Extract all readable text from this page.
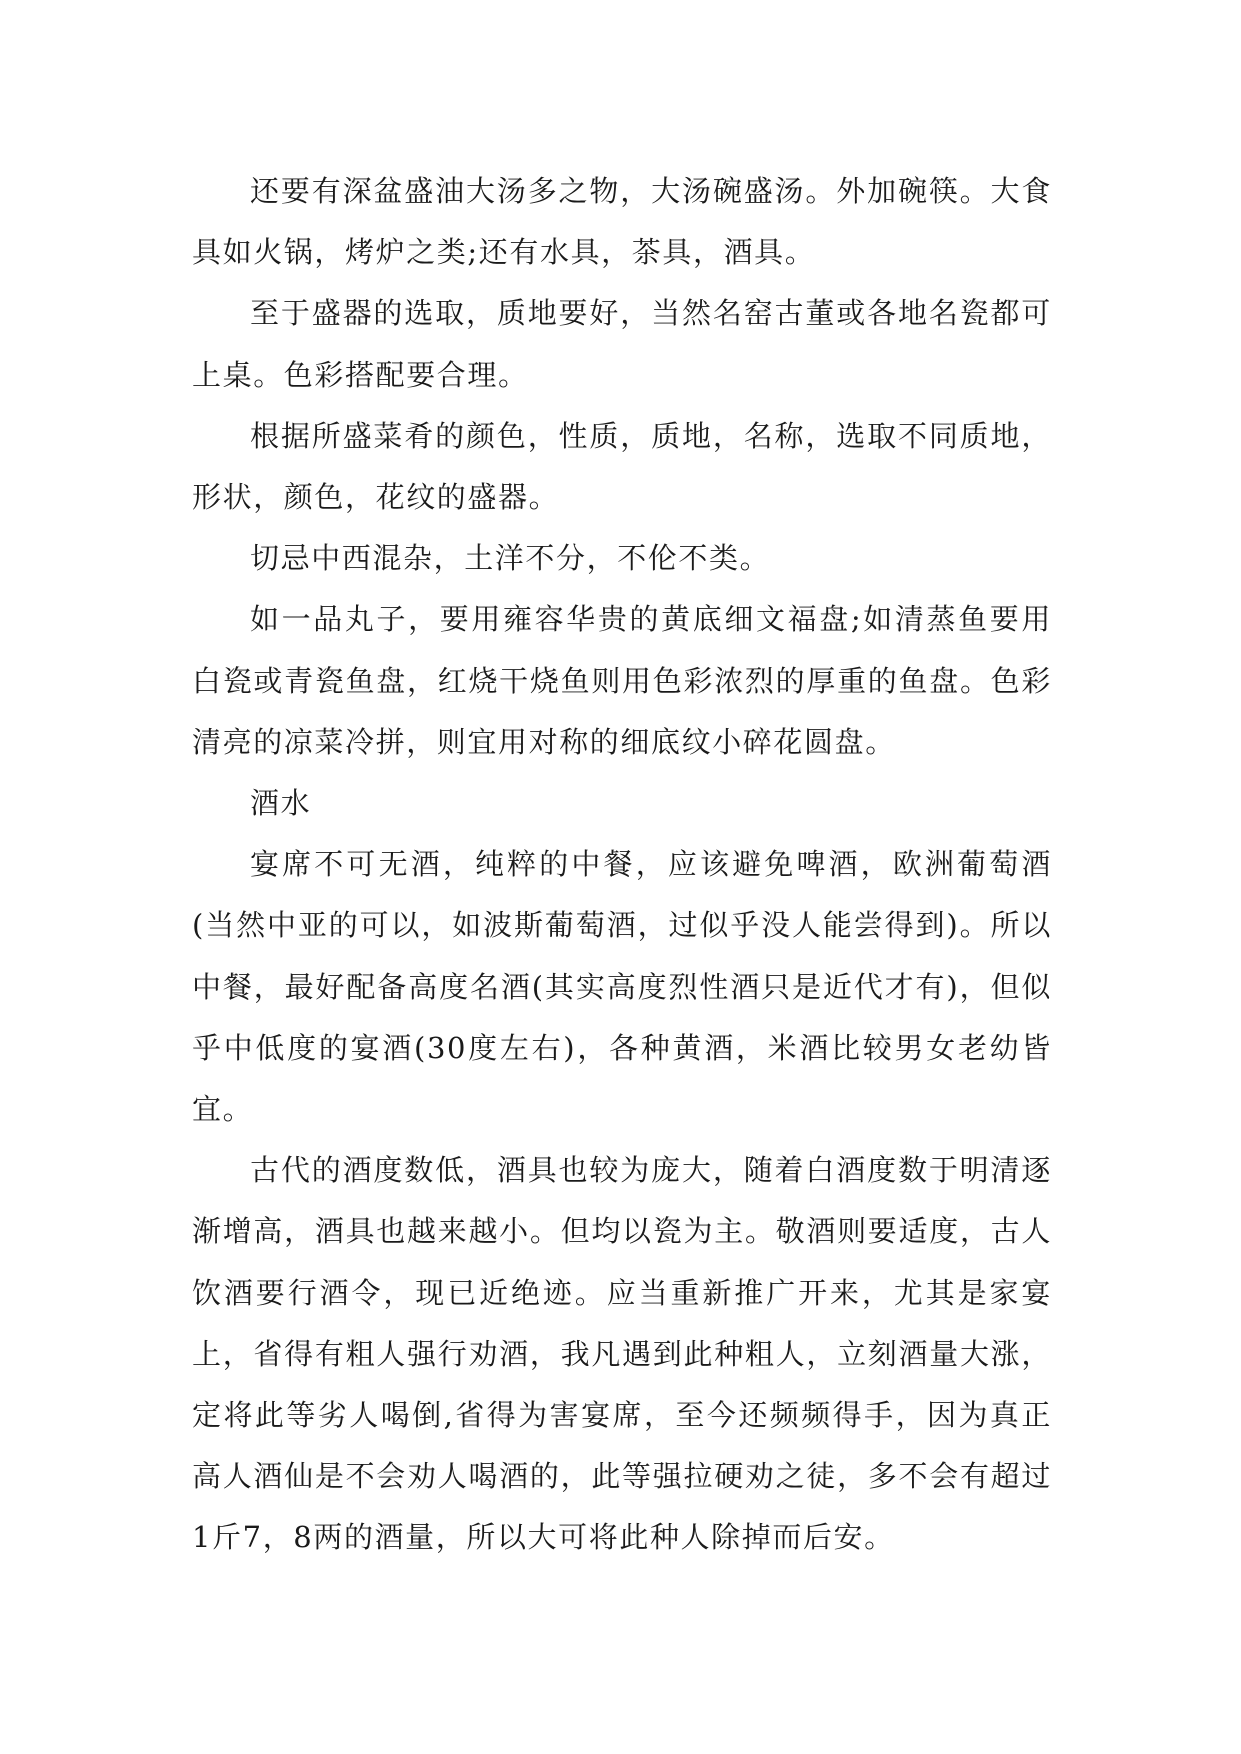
还要有深盆盛油大汤多之物，大汤碗盛汤。外加碗筷。大食具如火锅，烤炉之类;还有水具，茶具，酒具。

至于盛器的选取，质地要好，当然名窑古董或各地名瓷都可上桌。色彩搭配要合理。

根据所盛菜肴的颜色，性质，质地，名称，选取不同质地，形状，颜色，花纹的盛器。

切忌中西混杂，土洋不分，不伦不类。

如一品丸子，要用雍容华贵的黄底细文福盘;如清蒸鱼要用白瓷或青瓷鱼盘，红烧干烧鱼则用色彩浓烈的厚重的鱼盘。色彩清亮的凉菜冷拼，则宜用对称的细底纹小碎花圆盘。

酒水

宴席不可无酒，纯粹的中餐，应该避免啤酒，欧洲葡萄酒(当然中亚的可以，如波斯葡萄酒，过似乎没人能尝得到)。所以中餐，最好配备高度名酒(其实高度烈性酒只是近代才有)，但似乎中低度的宴酒(30度左右)，各种黄酒，米酒比较男女老幼皆宜。

古代的酒度数低，酒具也较为庞大，随着白酒度数于明清逐渐增高，酒具也越来越小。但均以瓷为主。敬酒则要适度，古人饮酒要行酒令，现已近绝迹。应当重新推广开来，尤其是家宴上，省得有粗人强行劝酒，我凡遇到此种粗人，立刻酒量大涨，定将此等劣人喝倒,省得为害宴席，至今还频频得手，因为真正高人酒仙是不会劝人喝酒的，此等强拉硬劝之徒，多不会有超过1斤7，8两的酒量，所以大可将此种人除掉而后安。
